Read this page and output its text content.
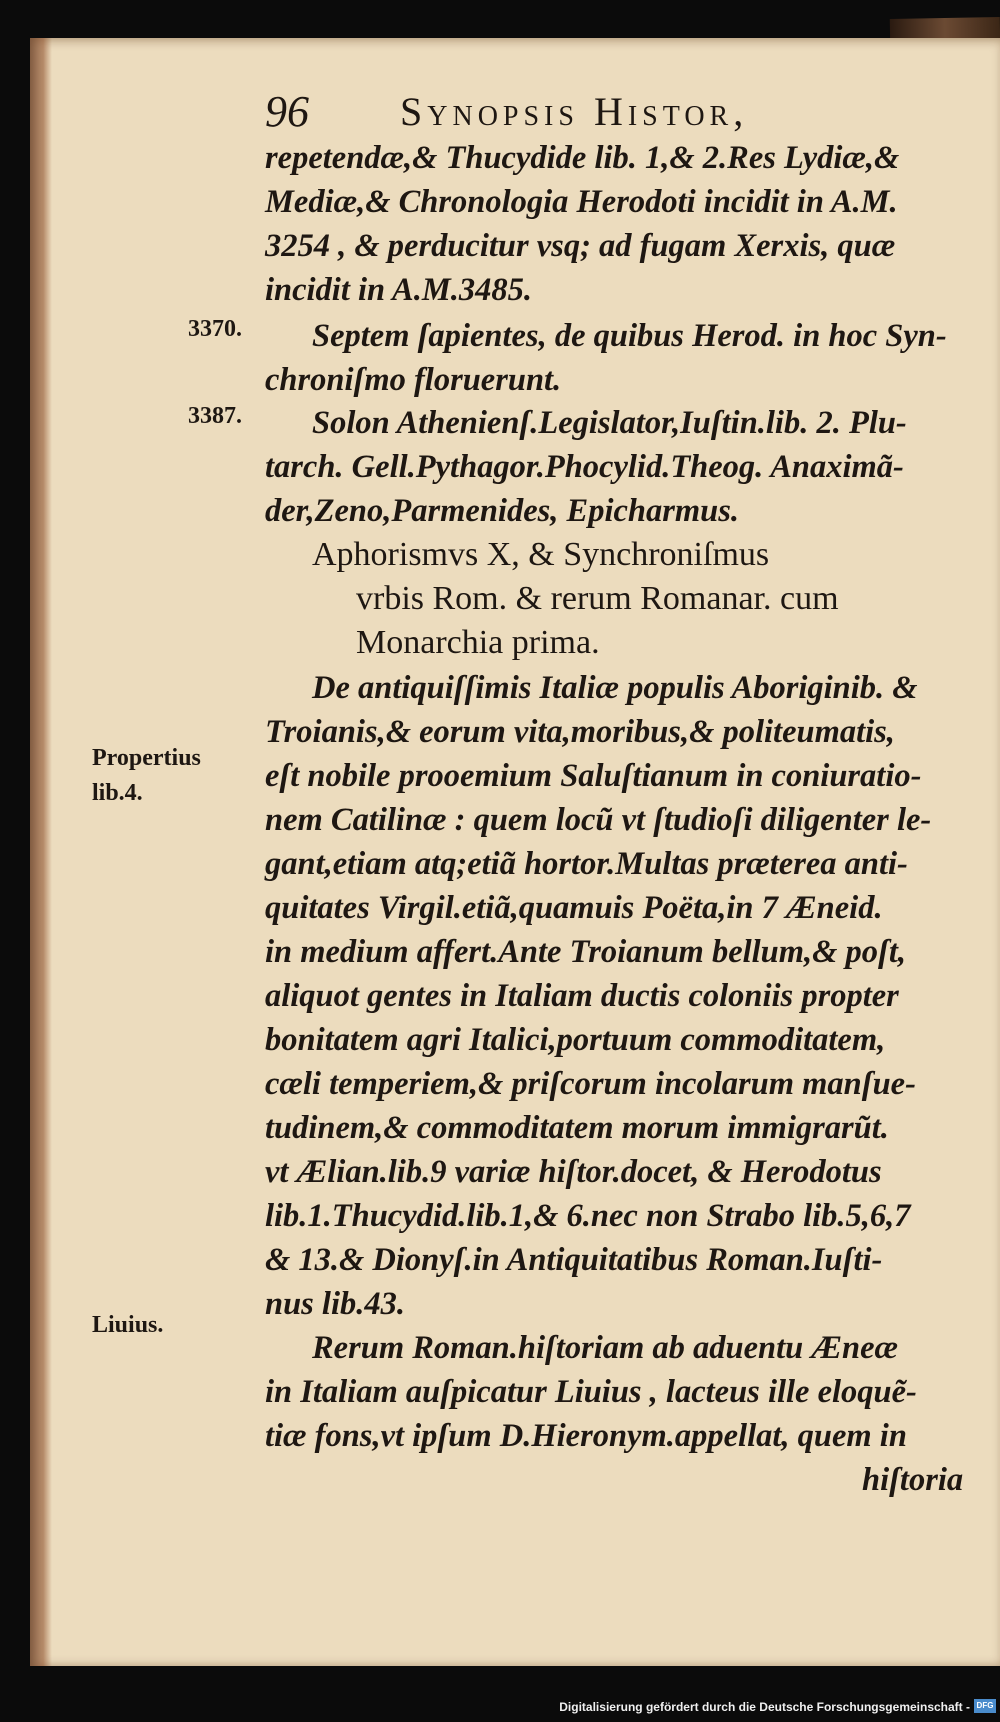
96 Synopsis Histor,
3370.
3387.
Propertius
lib.4.
Liuius.
repetendæ,& Thucydide lib. 1,& 2.Res Lydiæ,&
Mediæ,& Chronologia Herodoti incidit in A.M.
3254 , & perducitur vsq; ad fugam Xerxis, quæ
incidit in A.M.3485.
Septem ſapientes, de quibus Herod. in hoc Syn-
chroniſmo floruerunt.
Solon Athenienſ.Legislator,Iuſtin.lib. 2. Plu-
tarch. Gell.Pythagor.Phocylid.Theog. Anaximã-
der,Zeno,Parmenides, Epicharmus.
Aphorismvs X, & Synchroniſmus
vrbis Rom. & rerum Romanar. cum
Monarchia prima.
De antiquiſſimis Italiæ populis Aboriginib. &
Troianis,& eorum vita,moribus,& politeumatis,
eſt nobile prooemium Saluſtianum in coniuratio-
nem Catilinæ : quem locũ vt ſtudioſi diligenter le-
gant,etiam atq;etiã hortor.Multas præterea anti-
quitates Virgil.etiã,quamuis Poëta,in 7 Æneid.
in medium affert.Ante Troianum bellum,& poſt,
aliquot gentes in Italiam ductis coloniis propter
bonitatem agri Italici,portuum commoditatem,
cæli temperiem,& priſcorum incolarum manſue-
tudinem,& commoditatem morum immigrarũt.
vt Ælian.lib.9 variæ hiſtor.docet, & Herodotus
lib.1.Thucydid.lib.1,& 6.nec non Strabo lib.5,6,7
& 13.& Dionyſ.in Antiquitatibus Roman.Iuſti-
nus lib.43.
Rerum Roman.hiſtoriam ab aduentu Æneæ
in Italiam auſpicatur Liuius , lacteus ille eloquẽ-
tiæ fons,vt ipſum D.Hieronym.appellat, quem in
hiſtoria
Digitalisierung gefördert durch die Deutsche Forschungsgemeinschaft - DFG
